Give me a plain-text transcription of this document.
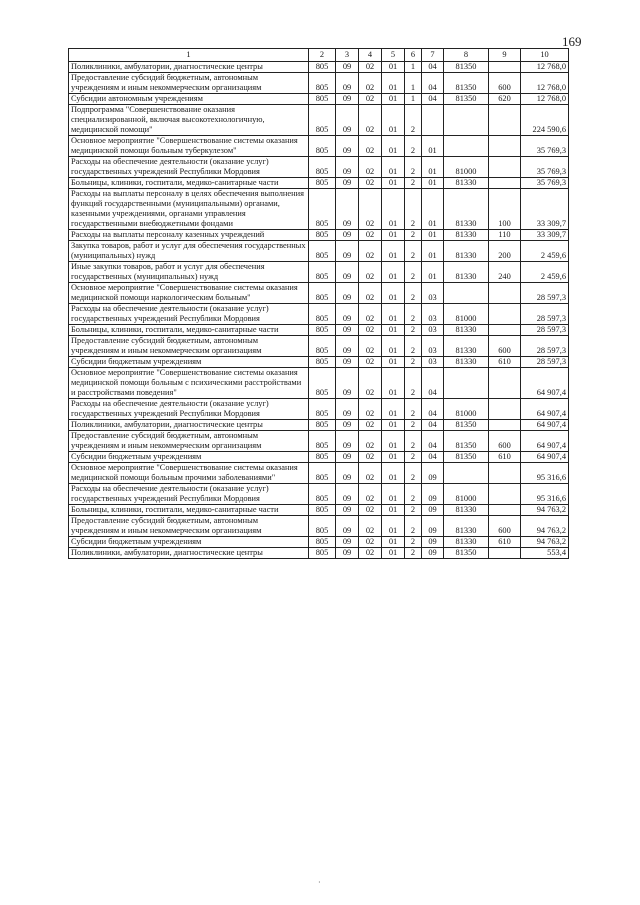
169
1	2	3	4	5	6	7	8	9	10
Поликлиники, амбулатории, диагностические центры	805	09	02	01	1	04	81350		12 768,0
Предоставление субсидий бюджетным, автономным учреждениям и иным некоммерческим организациям	805	09	02	01	1	04	81350	600	12 768,0
Субсидии автономным учреждениям	805	09	02	01	1	04	81350	620	12 768,0
Подпрограмма "Совершенствование оказания специализированной, включая высокотехнологичную, медицинской помощи"	805	09	02	01	2				224 590,6
Основное мероприятие "Совершенствование системы оказания медицинской помощи больным туберкулезом"	805	09	02	01	2	01			35 769,3
Расходы на обеспечение деятельности (оказание услуг) государственных учреждений Республики Мордовия	805	09	02	01	2	01	81000		35 769,3
Больницы, клиники, госпитали, медико-санитарные части	805	09	02	01	2	01	81330		35 769,3
Расходы на выплаты персоналу в целях обеспечения выполнения функций государственными (муниципальными) органами, казенными учреждениями, органами управления государственными внебюджетными фондами	805	09	02	01	2	01	81330	100	33 309,7
Расходы на выплаты персоналу казенных учреждений	805	09	02	01	2	01	81330	110	33 309,7
Закупка товаров, работ и услуг для обеспечения государственных (муниципальных) нужд	805	09	02	01	2	01	81330	200	2 459,6
Иные закупки товаров, работ и услуг для обеспечения государственных (муниципальных) нужд	805	09	02	01	2	01	81330	240	2 459,6
Основное мероприятие "Совершенствование системы оказания медицинской помощи наркологическим больным"	805	09	02	01	2	03			28 597,3
Расходы на обеспечение деятельности (оказание услуг) государственных учреждений Республики Мордовия	805	09	02	01	2	03	81000		28 597,3
Больницы, клиники, госпитали, медико-санитарные части	805	09	02	01	2	03	81330		28 597,3
Предоставление субсидий бюджетным, автономным учреждениям и иным некоммерческим организациям	805	09	02	01	2	03	81330	600	28 597,3
Субсидии бюджетным учреждениям	805	09	02	01	2	03	81330	610	28 597,3
Основное мероприятие "Совершенствование системы оказания медицинской помощи больным с психическими расстройствами и расстройствами поведения"	805	09	02	01	2	04			64 907,4
Расходы на обеспечение деятельности (оказание услуг) государственных учреждений Республики Мордовия	805	09	02	01	2	04	81000		64 907,4
Поликлиники, амбулатории, диагностические центры	805	09	02	01	2	04	81350		64 907,4
Предоставление субсидий бюджетным, автономным учреждениям и иным некоммерческим организациям	805	09	02	01	2	04	81350	600	64 907,4
Субсидии бюджетным учреждениям	805	09	02	01	2	04	81350	610	64 907,4
Основное мероприятие "Совершенствование системы оказания медицинской помощи больным прочими заболеваниями"	805	09	02	01	2	09			95 316,6
Расходы на обеспечение деятельности (оказание услуг) государственных учреждений Республики Мордовия	805	09	02	01	2	09	81000		95 316,6
Больницы, клиники, госпитали, медико-санитарные части	805	09	02	01	2	09	81330		94 763,2
Предоставление субсидий бюджетным, автономным учреждениям и иным некоммерческим организациям	805	09	02	01	2	09	81330	600	94 763,2
Субсидии бюджетным учреждениям	805	09	02	01	2	09	81330	610	94 763,2
Поликлиники, амбулатории, диагностические центры	805	09	02	01	2	09	81350		553,4
·
